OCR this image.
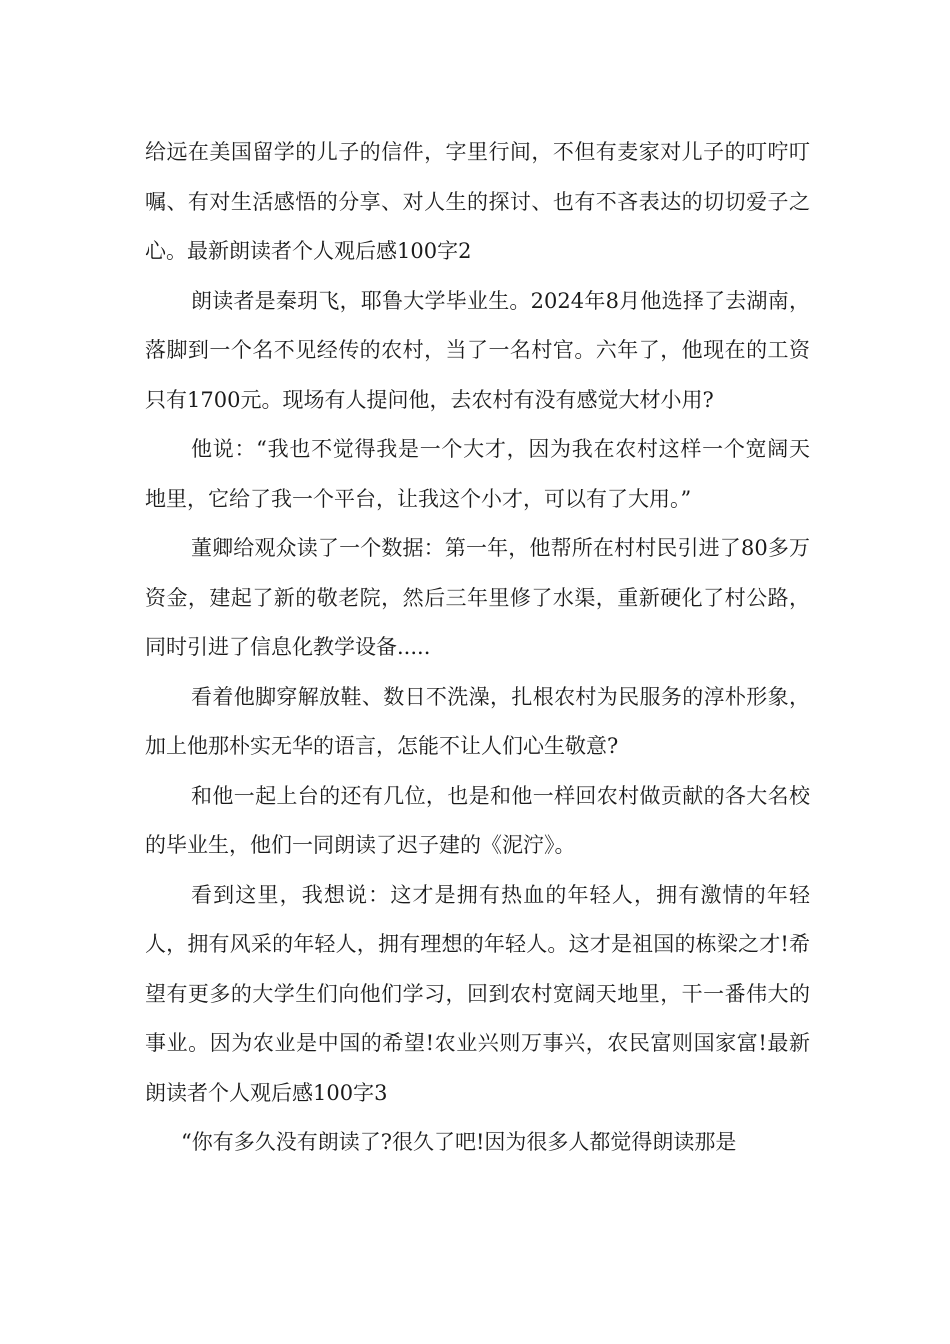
给远在美国留学的儿子的信件，字里行间，不但有麦家对儿子的叮咛叮嘱、有对生活感悟的分享、对人生的探讨、也有不吝表达的切切爱子之心。最新朗读者个人观后感100字2

朗读者是秦玥飞，耶鲁大学毕业生。2024年8月他选择了去湖南，落脚到一个名不见经传的农村，当了一名村官。六年了，他现在的工资只有1700元。现场有人提问他，去农村有没有感觉大材小用?

他说：“我也不觉得我是一个大才，因为我在农村这样一个宽阔天地里，它给了我一个平台，让我这个小才，可以有了大用。”

董卿给观众读了一个数据：第一年，他帮所在村村民引进了80多万资金，建起了新的敬老院，然后三年里修了水渠，重新硬化了村公路，同时引进了信息化教学设备.....

看着他脚穿解放鞋、数日不洗澡，扎根农村为民服务的淳朴形象，加上他那朴实无华的语言，怎能不让人们心生敬意?

和他一起上台的还有几位，也是和他一样回农村做贡献的各大名校的毕业生，他们一同朗读了迟子建的《泥泞》。

看到这里，我想说：这才是拥有热血的年轻人，拥有激情的年轻人，拥有风采的年轻人，拥有理想的年轻人。这才是祖国的栋梁之才!希望有更多的大学生们向他们学习，回到农村宽阔天地里，干一番伟大的事业。因为农业是中国的希望!农业兴则万事兴，农民富则国家富!最新朗读者个人观后感100字3

“你有多久没有朗读了?很久了吧!因为很多人都觉得朗读那是
